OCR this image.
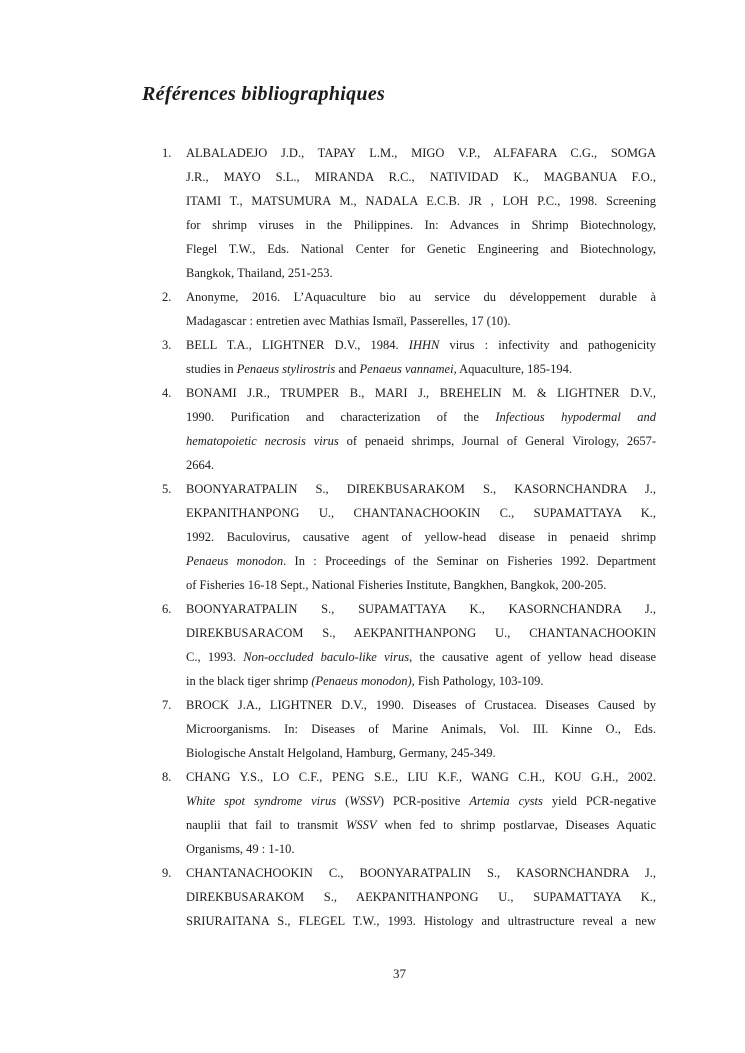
Références bibliographiques
1.	ALBALADEJO J.D., TAPAY L.M., MIGO V.P., ALFAFARA C.G., SOMGA
J.R., MAYO S.L., MIRANDA R.C., NATIVIDAD K., MAGBANUA F.O.,
ITAMI T., MATSUMURA M., NADALA E.C.B. JR , LOH P.C., 1998. Screening
for shrimp viruses in the Philippines. In: Advances in Shrimp Biotechnology,
Flegel T.W., Eds. National Center for Genetic Engineering and Biotechnology,
Bangkok, Thailand, 251-253.
2.	Anonyme, 2016. L’Aquaculture bio au service du développement durable à
Madagascar : entretien avec Mathias Ismaïl, Passerelles, 17 (10).
3.	BELL T.A., LIGHTNER D.V., 1984. IHHN virus : infectivity and pathogenicity
studies in Penaeus stylirostris and Penaeus vannamei, Aquaculture, 185-194.
4.	BONAMI J.R., TRUMPER B., MARI J., BREHELIN M. & LIGHTNER D.V.,
1990. Purification and characterization of the Infectious hypodermal and
hematopoietic necrosis virus of penaeid shrimps, Journal of General Virology, 2657-
2664.
5.	BOONYARATPALIN S., DIREKBUSARAKOM S., KASORNCHANDRA J.,
EKPANITHANPONG U., CHANTANACHOOKIN C., SUPAMATTAYA K.,
1992. Baculovirus, causative agent of yellow-head disease in penaeid shrimp
Penaeus monodon. In : Proceedings of the Seminar on Fisheries 1992. Department
of Fisheries 16-18 Sept., National Fisheries Institute, Bangkhen, Bangkok, 200-205.
6.	BOONYARATPALIN S., SUPAMATTAYA K., KASORNCHANDRA J.,
DIREKBUSARACOM S., AEKPANITHANPONG U., CHANTANACHOOKIN
C., 1993. Non-occluded baculo-like virus, the causative agent of yellow head disease
in the black tiger shrimp (Penaeus monodon), Fish Pathology, 103-109.
7.	BROCK J.A., LIGHTNER D.V., 1990. Diseases of Crustacea. Diseases Caused by
Microorganisms. In: Diseases of Marine Animals, Vol. III. Kinne O., Eds.
Biologische Anstalt Helgoland, Hamburg, Germany, 245-349.
8.	CHANG Y.S., LO C.F., PENG S.E., LIU K.F., WANG C.H., KOU G.H., 2002.
White spot syndrome virus (WSSV) PCR-positive Artemia cysts yield PCR-negative
nauplii that fail to transmit WSSV when fed to shrimp postlarvae, Diseases Aquatic
Organisms, 49 : 1-10.
9.	CHANTANACHOOKIN C., BOONYARATPALIN S., KASORNCHANDRA J.,
DIREKBUSARAKOM S., AEKPANITHANPONG U., SUPAMATTAYA K.,
SRIURAITANA S., FLEGEL T.W., 1993. Histology and ultrastructure reveal a new
37
